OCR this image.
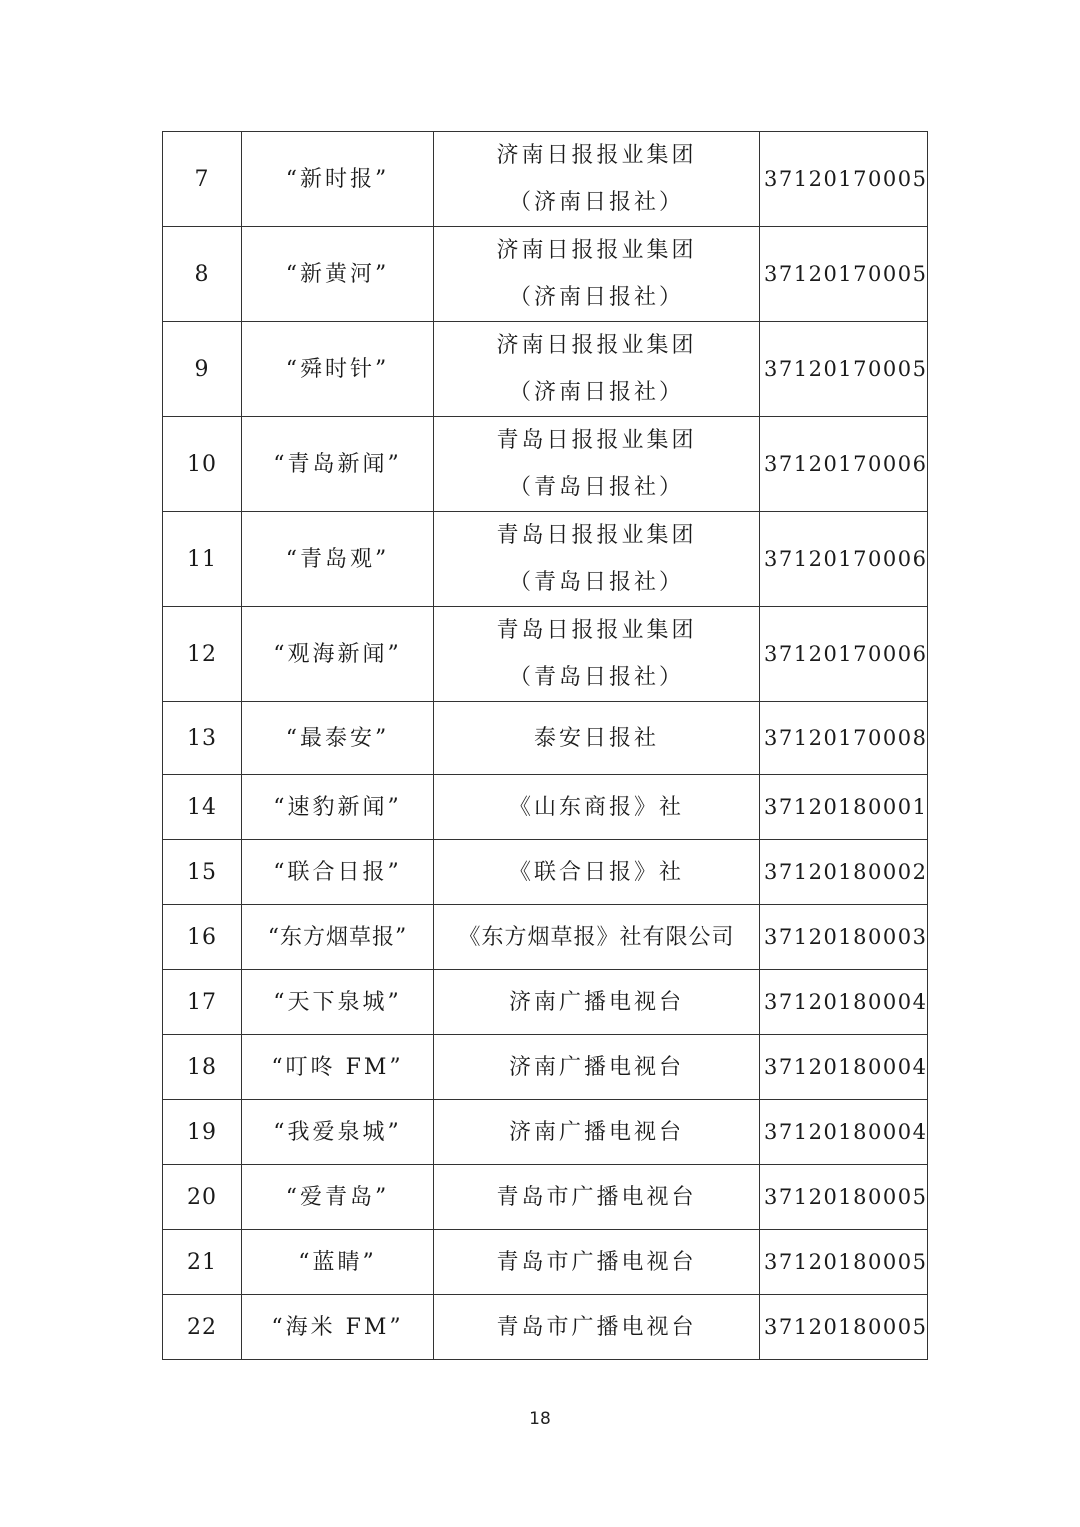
7	“新时报”	济南日报报业集团
（济南日报社）	37120170005
8	“新黄河”	济南日报报业集团
（济南日报社）	37120170005
9	“舜时针”	济南日报报业集团
（济南日报社）	37120170005
10	“青岛新闻”	青岛日报报业集团
（青岛日报社）	37120170006
11	“青岛观”	青岛日报报业集团
（青岛日报社）	37120170006
12	“观海新闻”	青岛日报报业集团
（青岛日报社）	37120170006
13	“最泰安”	泰安日报社	37120170008
14	“速豹新闻”	《山东商报》社	37120180001
15	“联合日报”	《联合日报》社	37120180002
16	“东方烟草报”	《东方烟草报》社有限公司	37120180003
17	“天下泉城”	济南广播电视台	37120180004
18	“叮咚 FM”	济南广播电视台	37120180004
19	“我爱泉城”	济南广播电视台	37120180004
20	“爱青岛”	青岛市广播电视台	37120180005
21	“蓝睛”	青岛市广播电视台	37120180005
22	“海米 FM”	青岛市广播电视台	37120180005
18
